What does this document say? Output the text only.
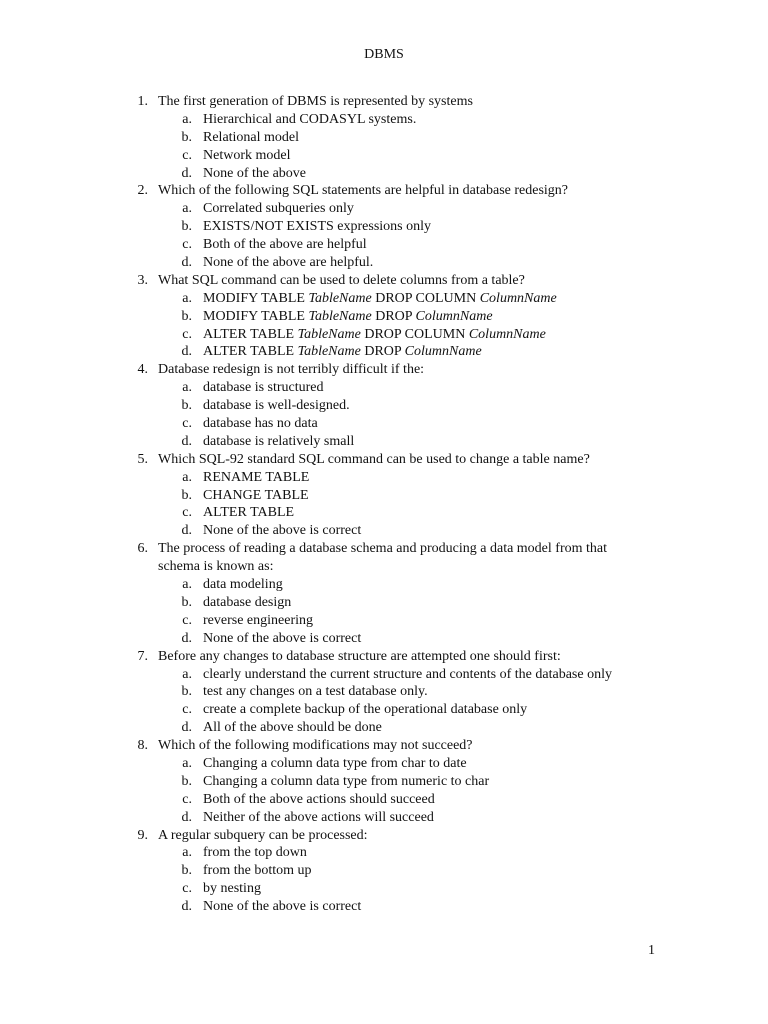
DBMS
1. The first generation of DBMS is represented by systems
a. Hierarchical and CODASYL systems.
b. Relational model
c. Network model
d. None of the above
2. Which of the following SQL statements are helpful in database redesign?
a. Correlated subqueries only
b. EXISTS/NOT EXISTS expressions only
c. Both of the above are helpful
d. None of the above are helpful.
3. What SQL command can be used to delete columns from a table?
a. MODIFY TABLE TableName DROP COLUMN ColumnName
b. MODIFY TABLE TableName DROP ColumnName
c. ALTER TABLE TableName DROP COLUMN ColumnName
d. ALTER TABLE TableName DROP ColumnName
4. Database redesign is not terribly difficult if the:
a. database is structured
b. database is well-designed.
c. database has no data
d. database is relatively small
5. Which SQL-92 standard SQL command can be used to change a table name?
a. RENAME TABLE
b. CHANGE TABLE
c. ALTER TABLE
d. None of the above is correct
6. The process of reading a database schema and producing a data model from that
schema is known as:
a. data modeling
b. database design
c. reverse engineering
d. None of the above is correct
7. Before any changes to database structure are attempted one should first:
a. clearly understand the current structure and contents of the database only
b. test any changes on a test database only.
c. create a complete backup of the operational database only
d. All of the above should be done
8. Which of the following modifications may not succeed?
a. Changing a column data type from char to date
b. Changing a column data type from numeric to char
c. Both of the above actions should succeed
d. Neither of the above actions will succeed
9. A regular subquery can be processed:
a. from the top down
b. from the bottom up
c. by nesting
d. None of the above is correct
1
